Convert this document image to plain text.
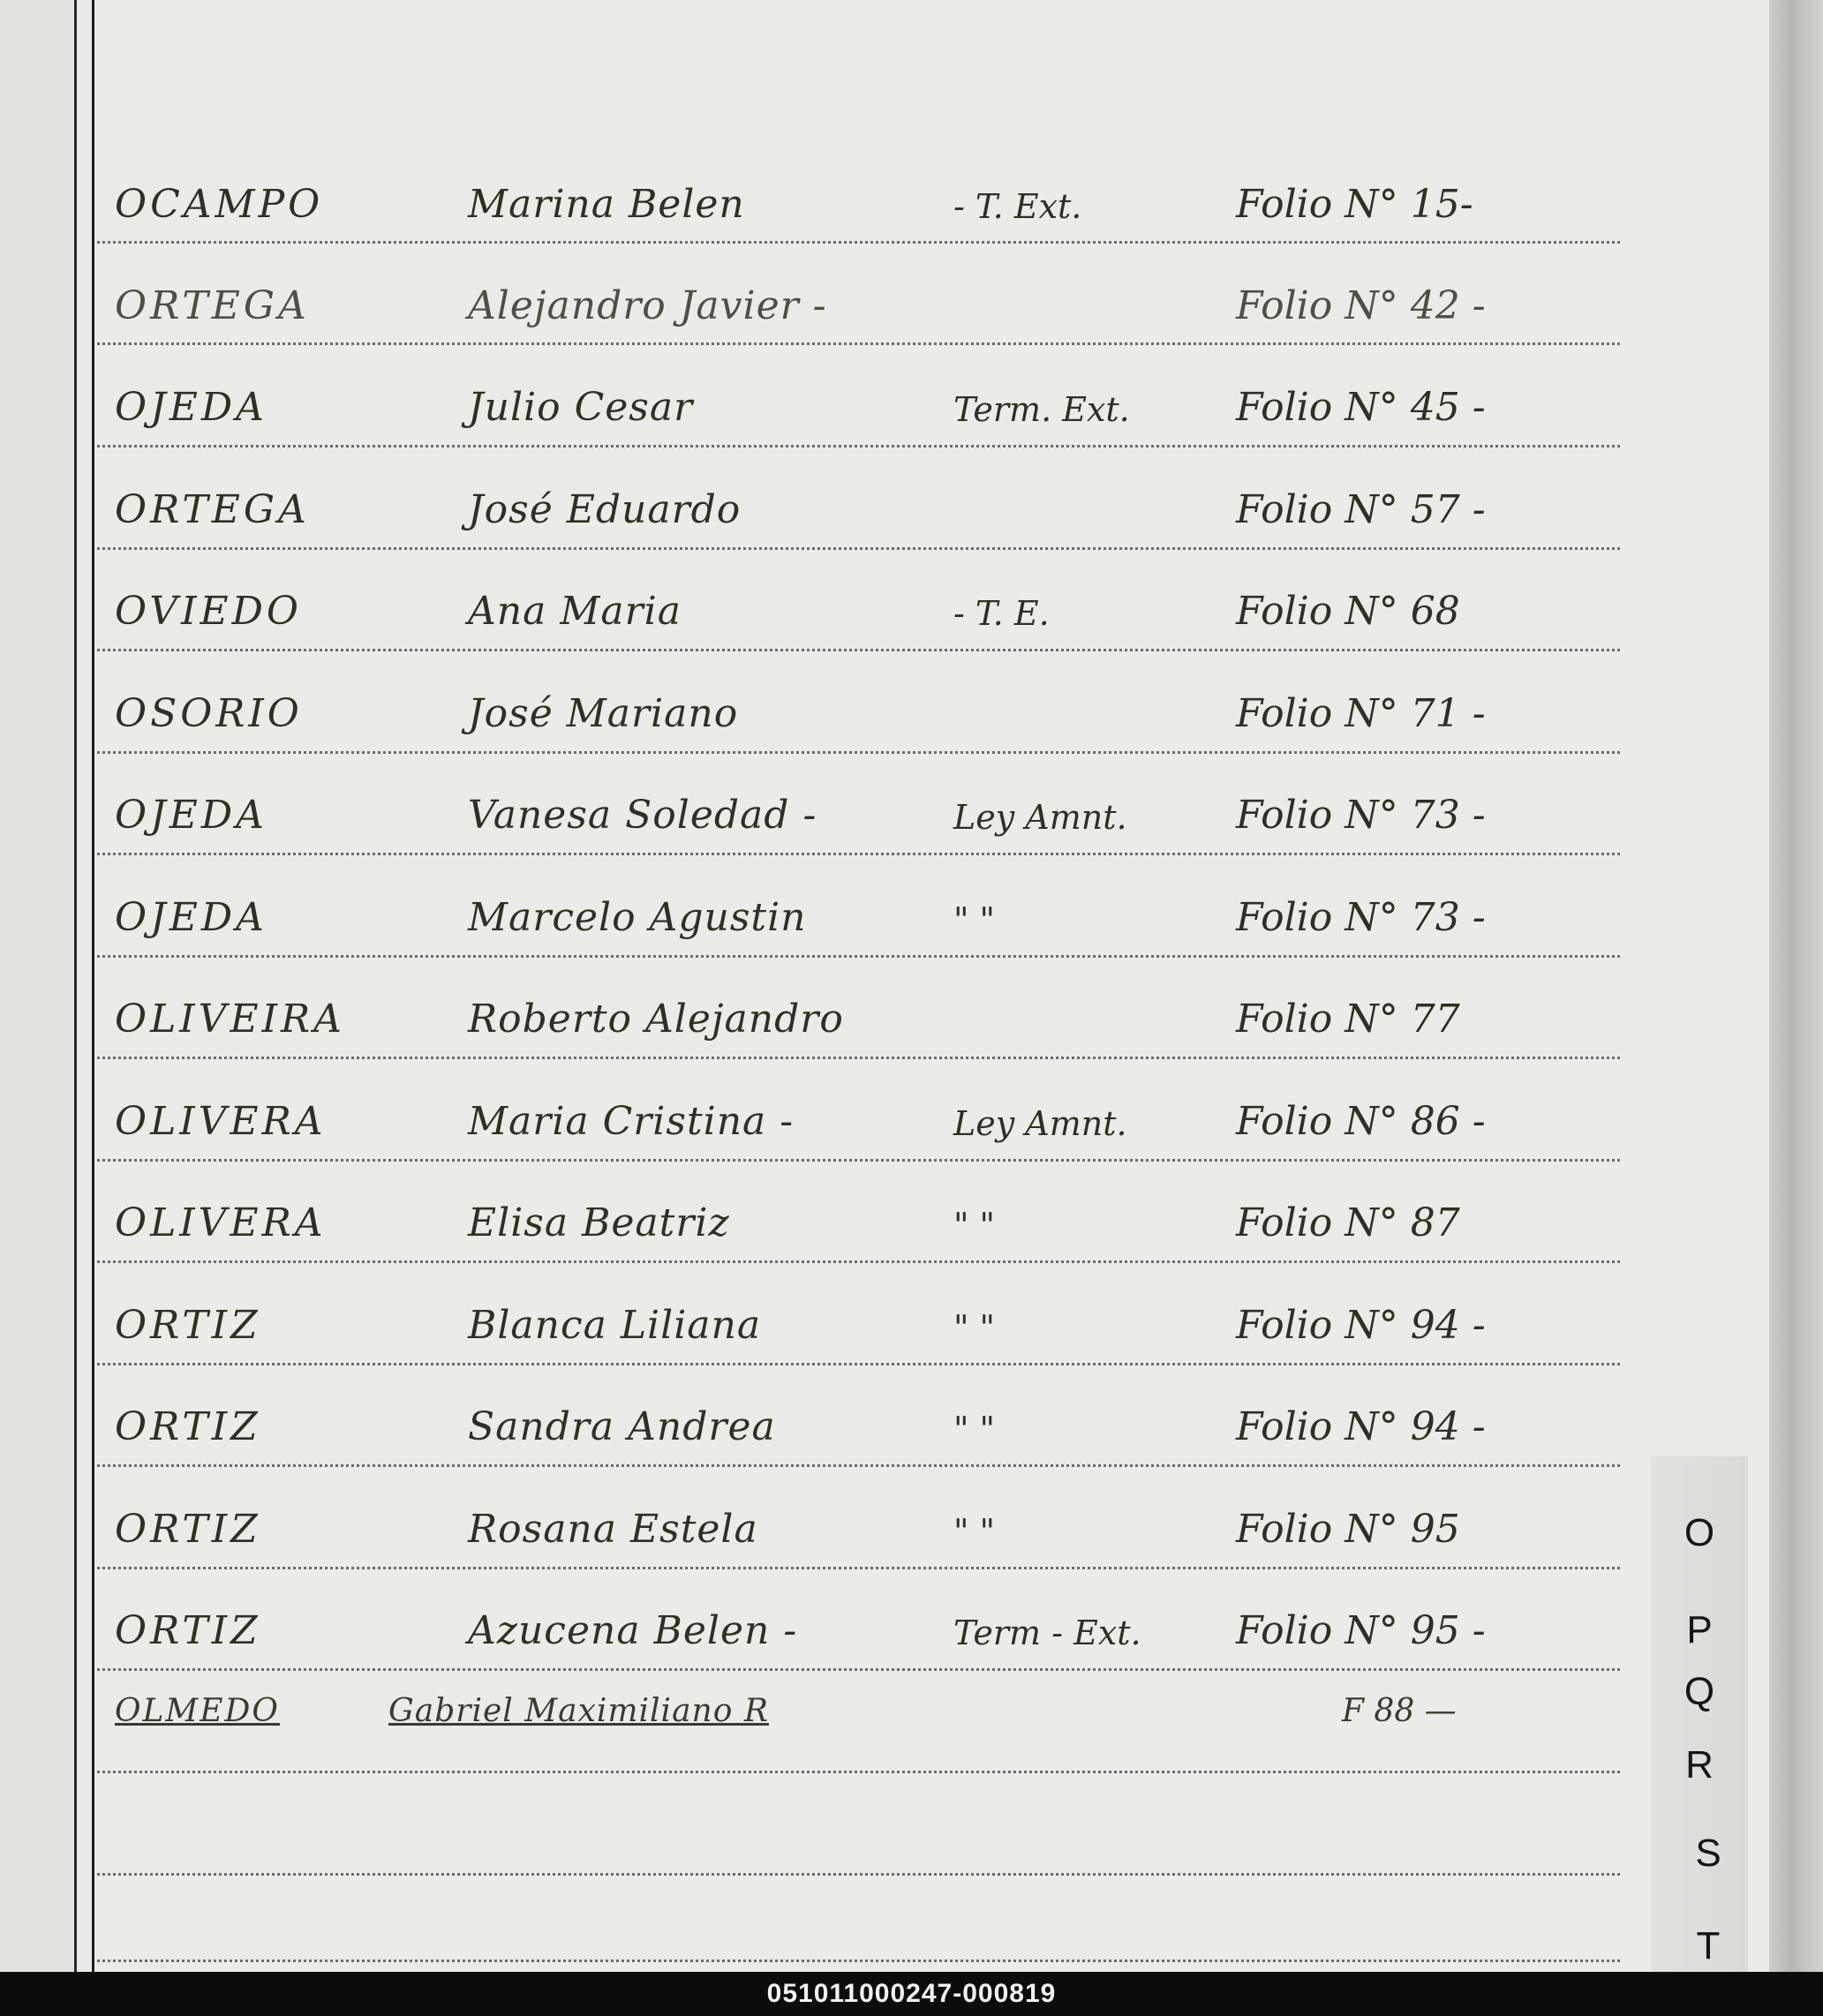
OCAMPO	Marina Belen	- T. Ext.	Folio N° 15-
ORTEGA	Alejandro Javier -	Folio N° 42 -
OJEDA	Julio Cesar	Term. Ext.	Folio N° 45 -
ORTEGA	José Eduardo	Folio N° 57 -
OVIEDO	Ana Maria	- T. E.	Folio N° 68
OSORIO	José Mariano	Folio N° 71 -
OJEDA	Vanesa Soledad -	Ley Amnt.	Folio N° 73 -
OJEDA	Marcelo Agustin	" "	Folio N° 73 -
OLIVEIRA	Roberto Alejandro	Folio N° 77
OLIVERA	Maria Cristina -	Ley Amnt.	Folio N° 86 -
OLIVERA	Elisa Beatriz	" "	Folio N° 87
ORTIZ	Blanca Liliana	" "	Folio N° 94 -
ORTIZ	Sandra Andrea	" "	Folio N° 94 -
ORTIZ	Rosana Estela	" "	Folio N° 95
ORTIZ	Azucena Belen -	Term - Ext. Folio N° 95 -
OLMEDO	Gabriel Maximiliano R	F 88 —
O
P
Q
R
S
T
051011000247-000819
